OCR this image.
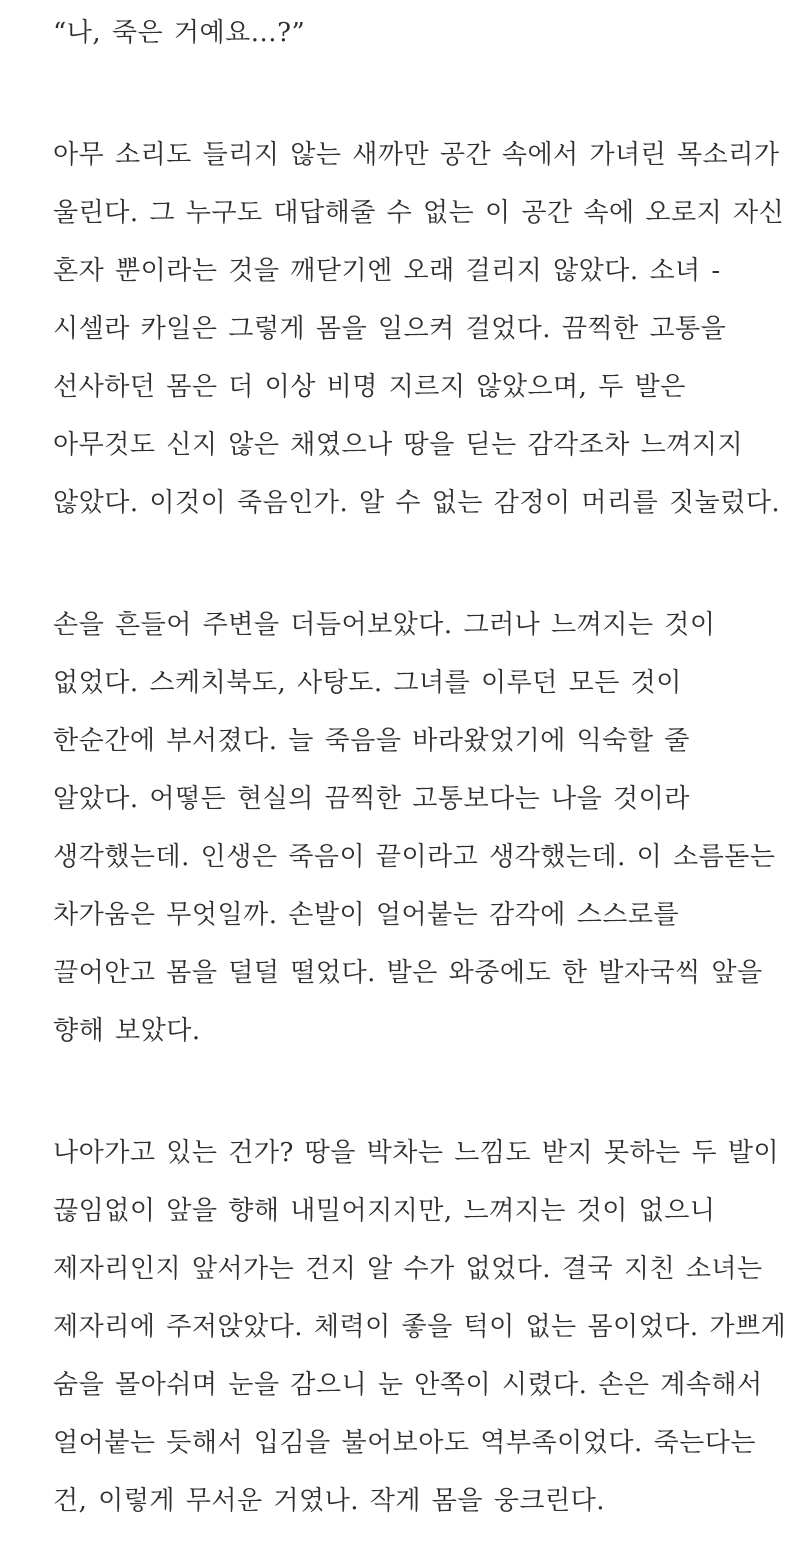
“나, 죽은 거예요...?”
아무 소리도 들리지 않는 새까만 공간 속에서 가녀린 목소리가
울린다. 그 누구도 대답해줄 수 없는 이 공간 속에 오로지 자신
혼자 뿐이라는 것을 깨닫기엔 오래 걸리지 않았다. 소녀 -
시셀라 카일은 그렇게 몸을 일으켜 걸었다. 끔찍한 고통을
선사하던 몸은 더 이상 비명 지르지 않았으며, 두 발은
아무것도 신지 않은 채였으나 땅을 딛는 감각조차 느껴지지
않았다. 이것이 죽음인가. 알 수 없는 감정이 머리를 짓눌렀다.
손을 흔들어 주변을 더듬어보았다. 그러나 느껴지는 것이
없었다. 스케치북도, 사탕도. 그녀를 이루던 모든 것이
한순간에 부서졌다. 늘 죽음을 바라왔었기에 익숙할 줄
알았다. 어떻든 현실의 끔찍한 고통보다는 나을 것이라
생각했는데. 인생은 죽음이 끝이라고 생각했는데. 이 소름돋는
차가움은 무엇일까. 손발이 얼어붙는 감각에 스스로를
끌어안고 몸을 덜덜 떨었다. 발은 와중에도 한 발자국씩 앞을
향해 보았다.
나아가고 있는 건가? 땅을 박차는 느낌도 받지 못하는 두 발이
끊임없이 앞을 향해 내밀어지지만, 느껴지는 것이 없으니
제자리인지 앞서가는 건지 알 수가 없었다. 결국 지친 소녀는
제자리에 주저앉았다. 체력이 좋을 턱이 없는 몸이었다. 가쁘게
숨을 몰아쉬며 눈을 감으니 눈 안쪽이 시렸다. 손은 계속해서
얼어붙는 듯해서 입김을 불어보아도 역부족이었다. 죽는다는
건, 이렇게 무서운 거였나. 작게 몸을 웅크린다.
